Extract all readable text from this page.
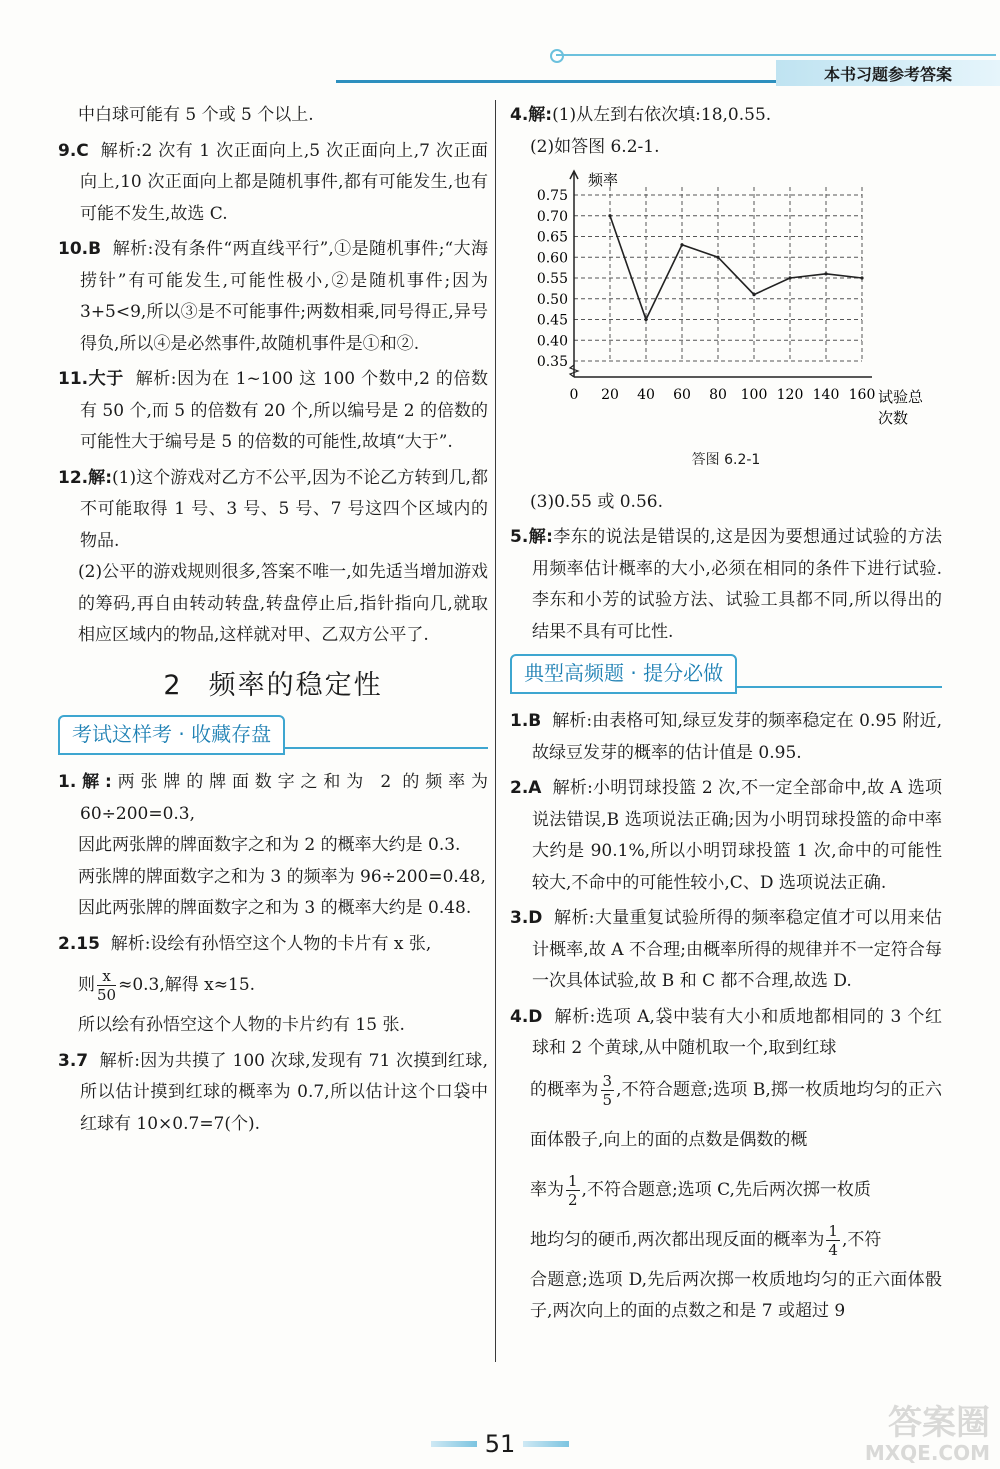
本书习题参考答案

中白球可能有 5 个或 5 个以上.

9.C 解析:2 次有 1 次正面向上,5 次正面向上,7 次正面向上,10 次正面向上都是随机事件,都有可能发生,也有可能不发生,故选 C.

10.B 解析:没有条件“两直线平行”,①是随机事件;“大海捞针”有可能发生,可能性极小,②是随机事件;因为 3+5<9,所以③是不可能事件;两数相乘,同号得正,异号得负,所以④是必然事件,故随机事件是①和②.

11.大于 解析:因为在 1~100 这 100 个数中,2 的倍数有 50 个,而 5 的倍数有 20 个,所以编号是 2 的倍数的可能性大于编号是 5 的倍数的可能性,故填“大于”.

12.解:(1)这个游戏对乙方不公平,因为不论乙方转到几,都不可能取得 1 号、3 号、5 号、7 号这四个区域内的物品.

(2)公平的游戏规则很多,答案不唯一,如先适当增加游戏的筹码,再自由转动转盘,转盘停止后,指针指向几,就取相应区域内的物品,这样就对甲、乙双方公平了.

2 频率的稳定性
考试这样考 · 收藏存盘

1.解:两张牌的牌面数字之和为 2 的频率为 60÷200=0.3,

因此两张牌的牌面数字之和为 2 的概率大约是 0.3.

两张牌的牌面数字之和为 3 的频率为 96÷200=0.48,

因此两张牌的牌面数字之和为 3 的概率大约是 0.48.

2.15 解析:设绘有孙悟空这个人物的卡片有 x 张,

则 $\frac{x}{50} \approx 0.3$,解得 x≈15.

所以绘有孙悟空这个人物的卡片约有 15 张.

3.7 解析:因为共摸了 100 次球,发现有 71 次摸到红球,所以估计摸到红球的概率为 0.7,所以估计这个口袋中红球有 10×0.7=7(个).

4.解:(1)从左到右依次填:18,0.55.

(2)如答图 6.2-1.

0.35
0.40
0.45
0.50
0.55
0.60
0.65
0.70
0.75
0 20 40 60 80 100 120 140 160
频率
试验总
次数
答图 6.2-1

(3)0.55 或 0.56.

5.解:李东的说法是错误的,这是因为要想通过试验的方法用频率估计概率的大小,必须在相同的条件下进行试验.李东和小芳的试验方法、试验工具都不同,所以得出的结果不具有可比性.

典型高频题 · 提分必做

1.B 解析:由表格可知,绿豆发芽的频率稳定在 0.95 附近,故绿豆发芽的概率的估计值是 0.95.

2.A 解析:小明罚球投篮 2 次,不一定全部命中,故 A 选项说法错误,B 选项说法正确;因为小明罚球投篮的命中率大约是 90.1%,所以小明罚球投篮 1 次,命中的可能性较大,不命中的可能性较小,C、D 选项说法正确.

3.D 解析:大量重复试验所得的频率稳定值才可以用来估计概率,故 A 不合理;由概率所得的规律并不一定符合每一次具体试验,故 B 和 C 都不合理,故选 D.

4.D 解析:选项 A,袋中装有大小和质地都相同的 3 个红球和 2 个黄球,从中随机取一个,取到红球

的概率为 $\frac{3}{5}$ ,不符合题意;选项 B,掷一枚质地均匀的正六面体骰子,向上的面的点数是偶数的概

率为 $\frac{1}{2}$ ,不符合题意;选项 C,先后两次掷一枚质

地均匀的硬币,两次都出现反面的概率为 $\frac{1}{4}$ ,不符

合题意;选项 D,先后两次掷一枚质地均匀的正六面体骰子,两次向上的面的点数之和是 7 或超过 9

51
答案圈
MXQE.COM
